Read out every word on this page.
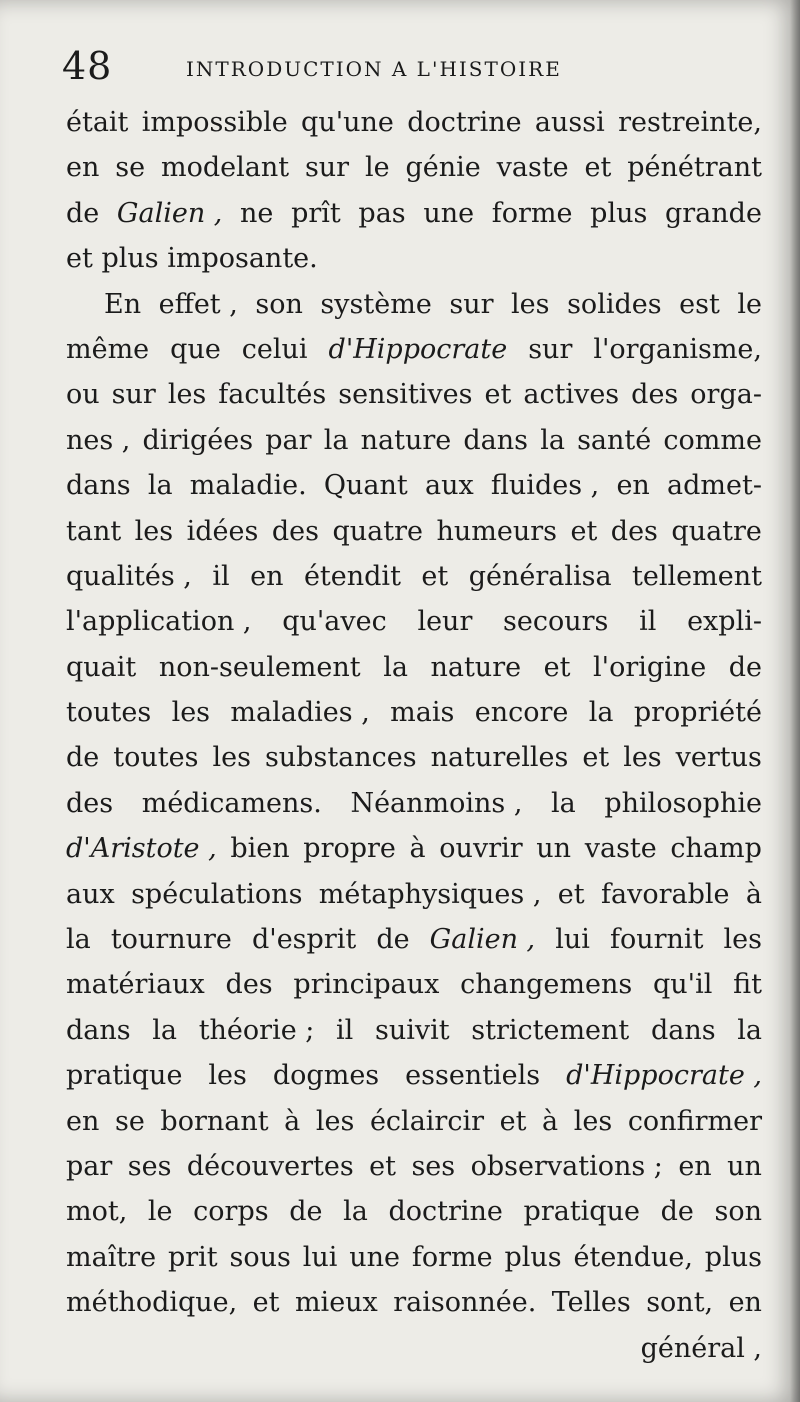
48	INTRODUCTION A L'HISTOIRE
était impossible qu'une doctrine aussi restreinte,
en se modelant sur le génie vaste et pénétrant
de Galien , ne prît pas une forme plus grande
et
plus
imposante.
En effet , son système sur les solides est le
même que celui d'Hippocrate sur l'organisme,
ou sur les facultés sensitives et actives des orga-
nes , dirigées par la nature dans la santé comme
dans la maladie. Quant aux fluides , en admet-
tant les idées des quatre humeurs et des quatre
qualités , il en étendit et généralisa tellement
l'application , qu'avec leur secours il expli-
quait non-seulement la nature et l'origine de
toutes les maladies , mais encore la propriété
de toutes les substances naturelles et les vertus
des médicamens. Néanmoins , la philosophie
d'Aristote , bien propre à ouvrir un vaste champ
aux spéculations métaphysiques , et favorable à
la tournure d'esprit de Galien , lui fournit les
matériaux des principaux changemens qu'il fit
dans la théorie ; il suivit strictement dans la
pratique les dogmes essentiels d'Hippocrate ,
en se bornant à les éclaircir et à les confirmer
par ses découvertes et ses observations ; en un
mot, le corps de la doctrine pratique de son
maître prit sous lui une forme plus étendue, plus
méthodique, et mieux raisonnée. Telles sont, en
général ,
